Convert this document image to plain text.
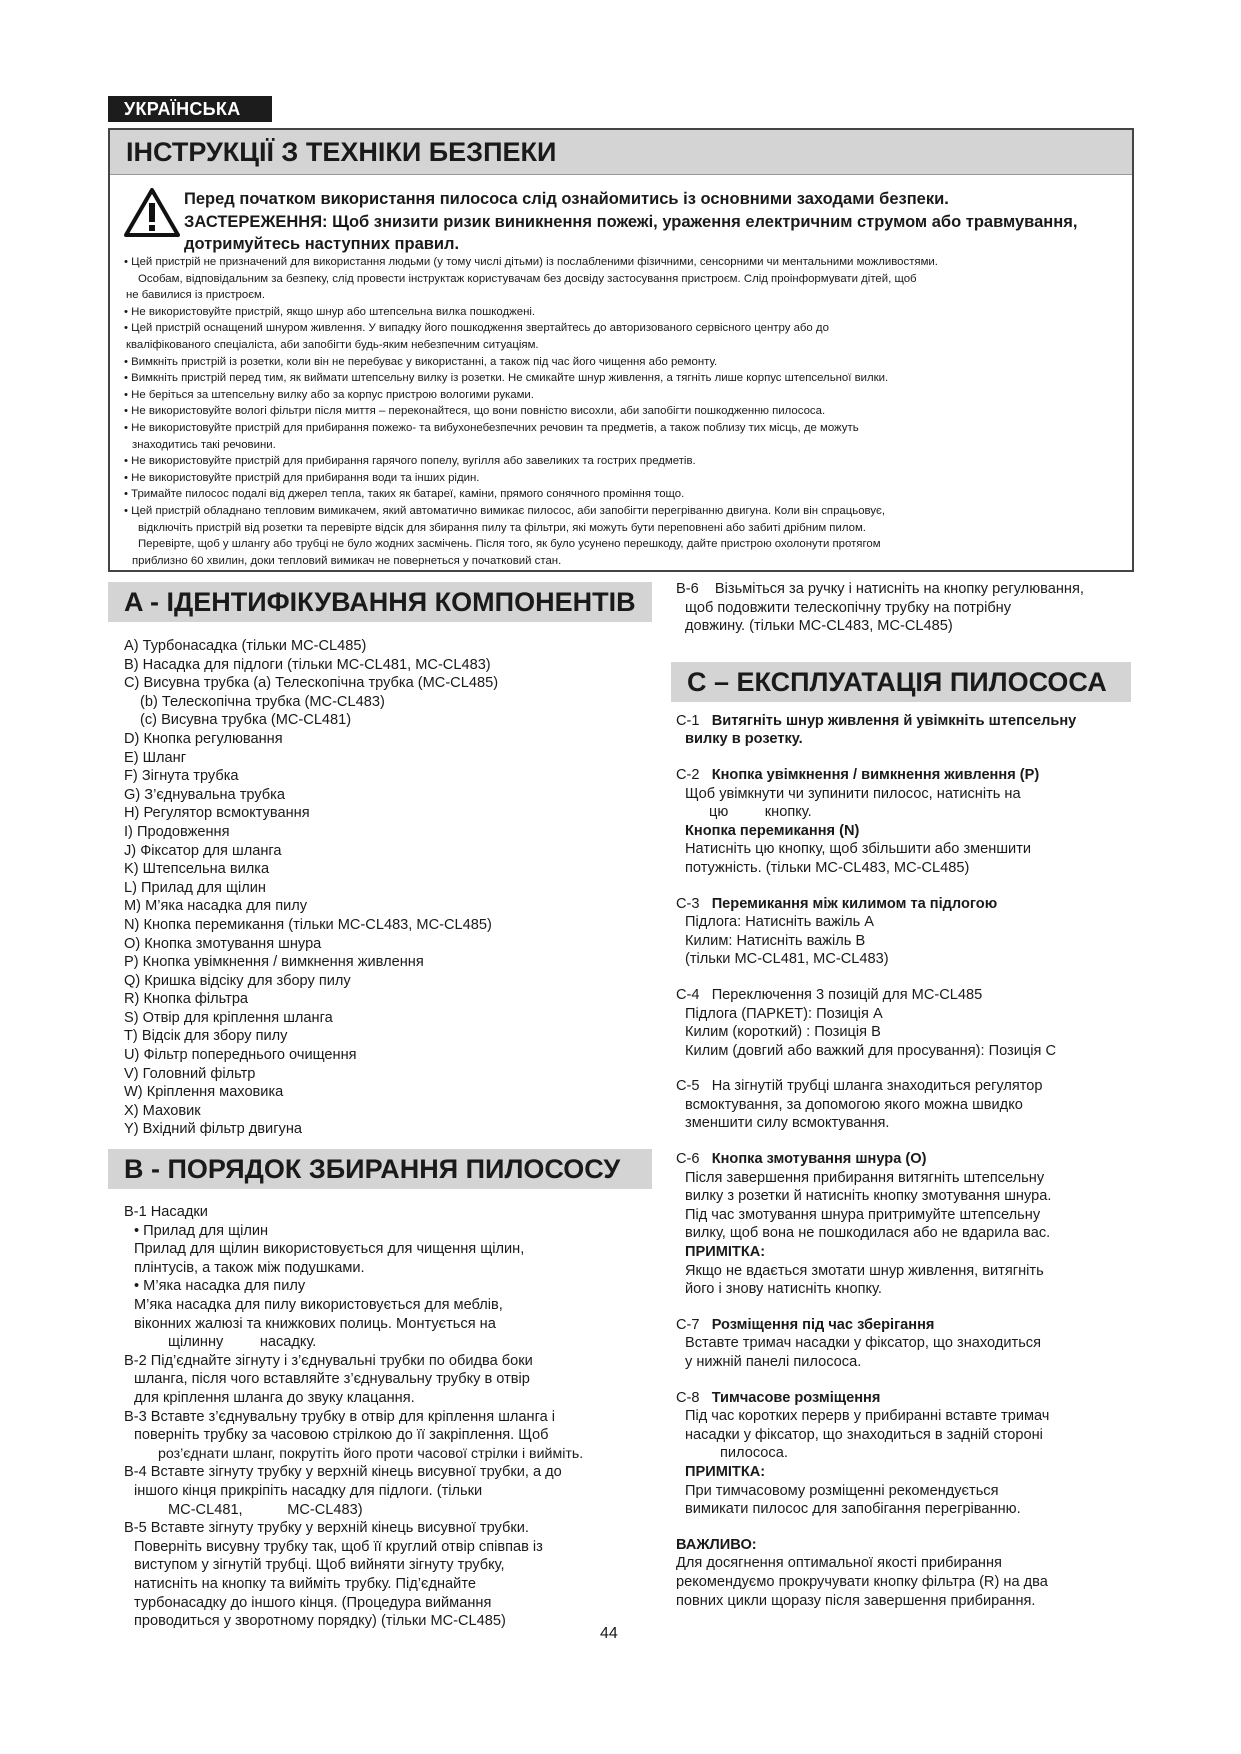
УКРАЇНСЬКА
ІНСТРУКЦІЇ З ТЕХНІКИ БЕЗПЕКИ
Перед початком використання пилососа слід ознайомитись із основними заходами безпеки.
ЗАСТЕРЕЖЕННЯ: Щоб знизити ризик виникнення пожежі, ураження електричним струмом або травмування,
дотримуйтесь наступних правил.
• Цей пристрій не призначений для використання людьми (у тому числі дітьми) із послабленими фізичними, сенсорними чи ментальними можливостями.
Особам, відповідальним за безпеку, слід провести інструктаж користувачам без досвіду застосування пристроєм. Слід проінформувати дітей, щоб
не бавилися із пристроєм.
• Не використовуйте пристрій, якщо шнур або штепсельна вилка пошкоджені.
• Цей пристрій оснащений шнуром живлення. У випадку його пошкодження звертайтесь до авторизованого сервісного центру або до
кваліфікованого спеціаліста, аби запобігти будь-яким небезпечним ситуаціям.
• Вимкніть пристрій із розетки, коли він не перебуває у використанні, а також під час його чищення або ремонту.
• Вимкніть пристрій перед тим, як виймати штепсельну вилку із розетки. Не смикайте шнур живлення, а тягніть лише корпус штепсельної вилки.
• Не беріться за штепсельну вилку або за корпус пристрою вологими руками.
• Не використовуйте вологі фільтри після миття – переконайтеся, що вони повністю висохли, аби запобігти пошкодженню пилососа.
• Не використовуйте пристрій для прибирання пожежо- та вибухонебезпечних речовин та предметів, а також поблизу тих місць, де можуть
знаходитись такі речовини.
• Не використовуйте пристрій для прибирання гарячого попелу, вугілля або завеликих та гострих предметів.
• Не використовуйте пристрій для прибирання води та інших рідин.
• Тримайте пилосос подалі від джерел тепла, таких як батареї, каміни, прямого сонячного проміння тощо.
• Цей пристрій обладнано тепловим вимикачем, який автоматично вимикає пилосос, аби запобігти перегріванню двигуна. Коли він спрацьовує,
відключіть пристрій від розетки та перевірте відсік для збирання пилу та фільтри, які можуть бути переповнені або забиті дрібним пилом.
Перевірте, щоб у шлангу або трубці не було жодних засмічень. Після того, як було усунено перешкоду, дайте пристрою охолонути протягом
приблизно 60 хвилин, доки тепловий вимикач не повернеться у початковий стан.
A - ІДЕНТИФІКУВАННЯ КОМПОНЕНТІВ
A) Турбонасадка (тільки MC-CL485)
B) Насадка для підлоги (тільки MC-CL481, MC-CL483)
C) Висувна трубка (a) Телескопічна трубка (MC-CL485)
(b) Телескопічна трубка (MC-CL483)
(c) Висувна трубка (MC-CL481)
D) Кнопка регулювання
E) Шланг
F) Зігнута трубка
G) З’єднувальна трубка
H) Регулятор всмоктування
I) Продовження
J) Фіксатор для шланга
K) Штепсельна вилка
L) Прилад для щілин
M) М’яка насадка для пилу
N) Кнопка перемикання (тільки MC-CL483, MC-CL485)
O) Кнопка змотування шнура
P) Кнопка увімкнення / вимкнення живлення
Q) Кришка відсіку для збору пилу
R) Кнопка фільтра
S) Отвір для кріплення шланга
T) Відсік для збору пилу
U) Фільтр попереднього очищення
V) Головний фільтр
W) Кріплення маховика
X) Маховик
Y) Вхідний фільтр двигуна
B - ПОРЯДОК ЗБИРАННЯ ПИЛОСОСУ

B-1 Насадки

• Прилад для щілин

Прилад для щілин використовується для чищення щілин,

плінтусів, а також між подушками.

• М’яка насадка для пилу

М’яка насадка для пилу використовується для меблів,

віконних жалюзі та книжкових полиць. Монтується на

щілинну         насадку.

B-2 Під’єднайте зігнуту і з’єднувальні трубки по обидва боки

шланга, після чого вставляйте з’єднувальну трубку в отвір

для кріплення шланга до звуку клацання.

B-3 Вставте з’єднувальну трубку в отвір для кріплення шланга і

поверніть трубку за часовою стрілкою до її закріплення. Щоб

роз’єднати шланг, покрутіть його проти часової стрілки і вийміть.

B-4 Вставте зігнуту трубку у верхній кінець висувної трубки, а до

іншого кінця прикріпіть насадку для підлоги. (тільки

MC-CL481,           MC-CL483)

B-5 Вставте зігнуту трубку у верхній кінець висувної трубки.

Поверніть висувну трубку так, щоб її круглий отвір співпав із

виступом у зігнутій трубці. Щоб вийняти зігнуту трубку,

натисніть на кнопку та вийміть трубку. Під’єднайте

турбонасадку до іншого кінця. (Процедура виймання

проводиться у зворотному порядку) (тільки MC-CL485)

B-6    Візьміться за ручку і натисніть на кнопку регулювання,

щоб подовжити телескопічну трубку на потрібну

довжину. (тільки MC-CL483, MC-CL485)

C – ЕКСПЛУАТАЦІЯ ПИЛОСОСА

C-1 Витягніть шнур живлення й увімкніть штепсельну

вилку в розетку.

C-2 Кнопка увімкнення / вимкнення живлення (P)

Щоб увімкнути чи зупинити пилосос, натисніть на

цю         кнопку.

Кнопка перемикання (N)

Натисніть цю кнопку, щоб збільшити або зменшити

потужність. (тільки MC-CL483, MC-CL485)

C-3 Перемикання між килимом та підлогою

Підлога: Натисніть важіль A

Килим: Натисніть важіль B

(тільки MC-CL481, MC-CL483)

C-4 Переключення 3 позицій для MC-CL485

Підлога (ПАРКЕТ): Позиція A

Килим (короткий) : Позиція B

Килим (довгий або важкий для просування): Позиція C

C-5 На зігнутій трубці шланга знаходиться регулятор

всмоктування, за допомогою якого можна швидко

зменшити силу всмоктування.

C-6 Кнопка змотування шнура (O)

Після завершення прибирання витягніть штепсельну

вилку з розетки й натисніть кнопку змотування шнура.

Під час змотування шнура притримуйте штепсельну

вилку, щоб вона не пошкодилася або не вдарила вас.

ПРИМІТКА:

Якщо не вдається змотати шнур живлення, витягніть

його і знову натисніть кнопку.

C-7 Розміщення під час зберігання

Вставте тримач насадки у фіксатор, що знаходиться

у нижній панелі пилососа.

C-8 Тимчасове розміщення

Під час коротких перерв у прибиранні вставте тримач

насадки у фіксатор, що знаходиться в задній стороні

пилососа.

ПРИМІТКА:

При тимчасовому розміщенні рекомендується

вимикати пилосос для запобігання перегріванню.

ВАЖЛИВО:

Для досягнення оптимальної якості прибирання

рекомендуємо прокручувати кнопку фільтра (R) на два

повних цикли щоразу після завершення прибирання.

44
